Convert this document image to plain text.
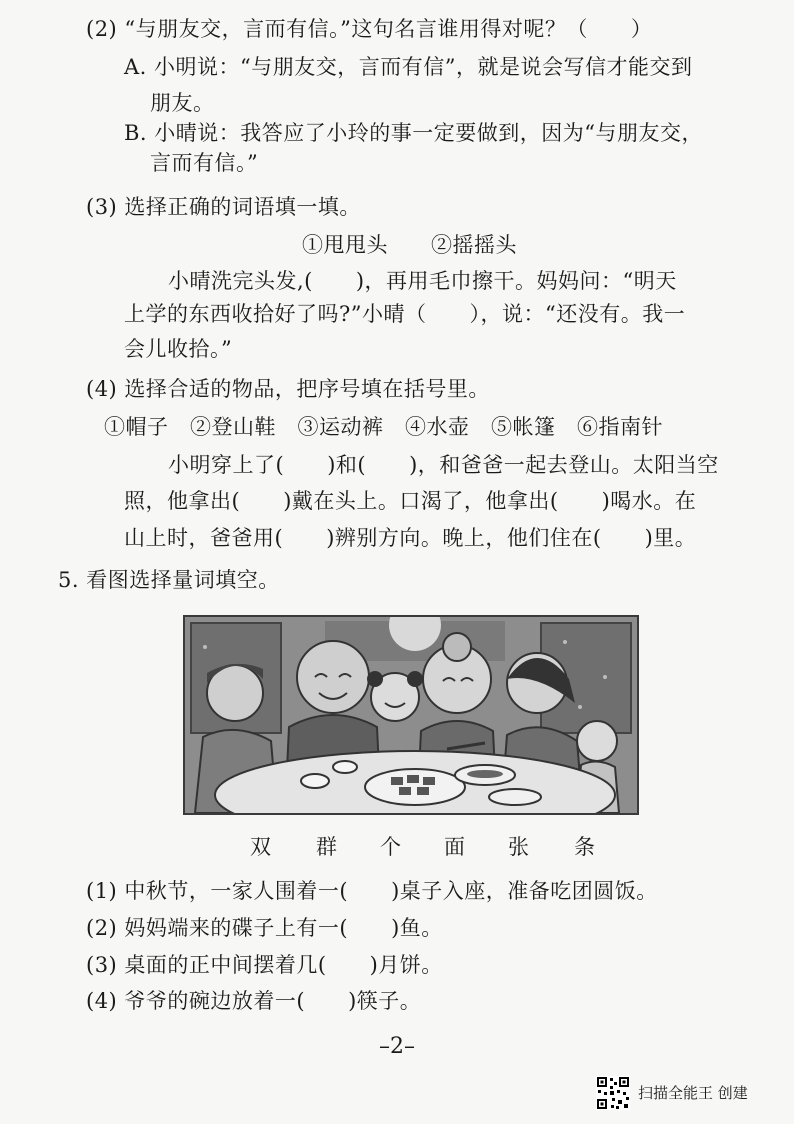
(2) “与朋友交，言而有信。”这句名言谁用得对呢？（　　）
A. 小明说：“与朋友交，言而有信”，就是说会写信才能交到
朋友。
B. 小晴说：我答应了小玲的事一定要做到，因为“与朋友交，
言而有信。”
(3) 选择正确的词语填一填。
①甩甩头　　②摇摇头
小晴洗完头发,(　　)，再用毛巾擦干。妈妈问：“明天
上学的东西收拾好了吗?”小晴（　　），说：“还没有。我一
会儿收拾。”
(4) 选择合适的物品，把序号填在括号里。
①帽子　②登山鞋　③运动裤　④水壶　⑤帐篷　⑥指南针
小明穿上了(　　)和(　　)，和爸爸一起去登山。太阳当空
照，他拿出(　　)戴在头上。口渴了，他拿出(　　)喝水。在
山上时，爸爸用(　　)辨别方向。晚上，他们住在(　　)里。
5. 看图选择量词填空。
双 群 个 面 张 条
(1) 中秋节，一家人围着一(　　)桌子入座，准备吃团圆饭。
(2) 妈妈端来的碟子上有一(　　)鱼。
(3) 桌面的正中间摆着几(　　)月饼。
(4) 爷爷的碗边放着一(　　)筷子。
–2–
扫描全能王 创建
